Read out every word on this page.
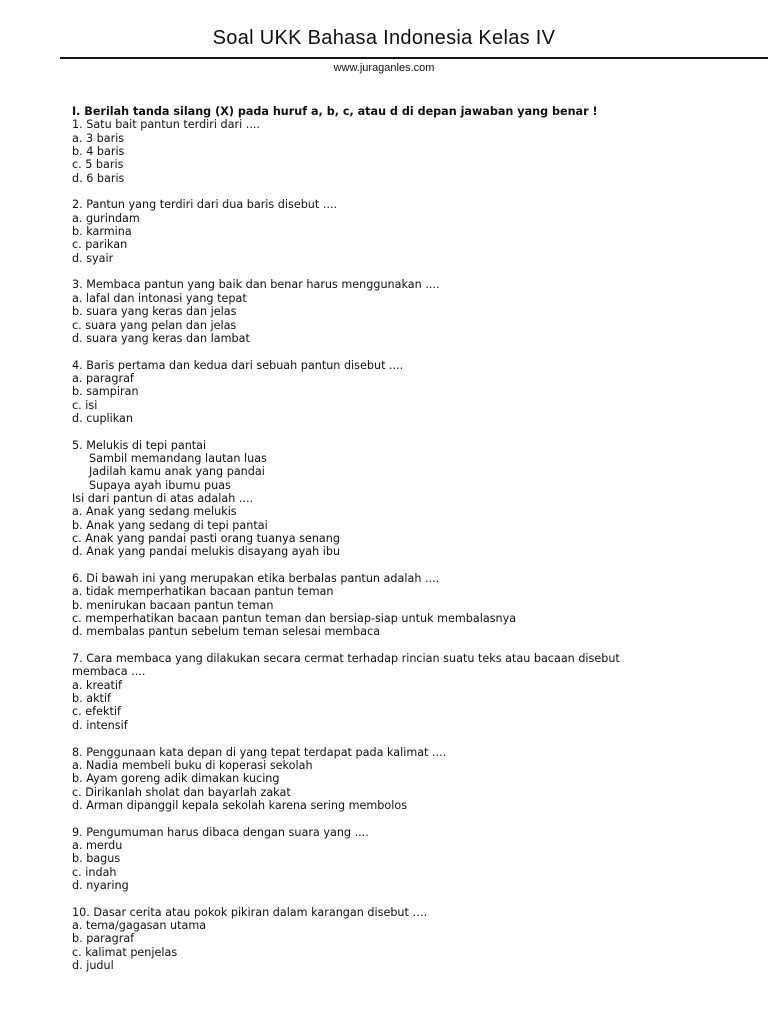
Soal UKK Bahasa Indonesia Kelas IV
www.juraganles.com
I. Berilah tanda silang (X) pada huruf a, b, c, atau d di depan jawaban yang benar !
1. Satu bait pantun terdiri dari ....
a. 3 baris
b. 4 baris
c. 5 baris
d. 6 baris
2. Pantun yang terdiri dari dua baris disebut ....
a. gurindam
b. karmina
c. parikan
d. syair
3. Membaca pantun yang baik dan benar harus menggunakan ....
a. lafal dan intonasi yang tepat
b. suara yang keras dan jelas
c. suara yang pelan dan jelas
d. suara yang keras dan lambat
4. Baris pertama dan kedua dari sebuah pantun disebut ....
a. paragraf
b. sampiran
c. isi
d. cuplikan
5. Melukis di tepi pantai
Sambil memandang lautan luas
Jadilah kamu anak yang pandai
Supaya ayah ibumu puas
Isi dari pantun di atas adalah ....
a. Anak yang sedang melukis
b. Anak yang sedang di tepi pantai
c. Anak yang pandai pasti orang tuanya senang
d. Anak yang pandai melukis disayang ayah ibu
6. Di bawah ini yang merupakan etika berbalas pantun adalah ....
a. tidak memperhatikan bacaan pantun teman
b. menirukan bacaan pantun teman
c. memperhatikan bacaan pantun teman dan bersiap-siap untuk membalasnya
d. membalas pantun sebelum teman selesai membaca
7. Cara membaca yang dilakukan secara cermat terhadap rincian suatu teks atau bacaan disebut
membaca ....
a. kreatif
b. aktif
c. efektif
d. intensif
8. Penggunaan kata depan di yang tepat terdapat pada kalimat ....
a. Nadia membeli buku di koperasi sekolah
b. Ayam goreng adik dimakan kucing
c. Dirikanlah sholat dan bayarlah zakat
d. Arman dipanggil kepala sekolah karena sering membolos
9. Pengumuman harus dibaca dengan suara yang ....
a. merdu
b. bagus
c. indah
d. nyaring
10. Dasar cerita atau pokok pikiran dalam karangan disebut ….
a. tema/gagasan utama
b. paragraf
c. kalimat penjelas
d. judul
